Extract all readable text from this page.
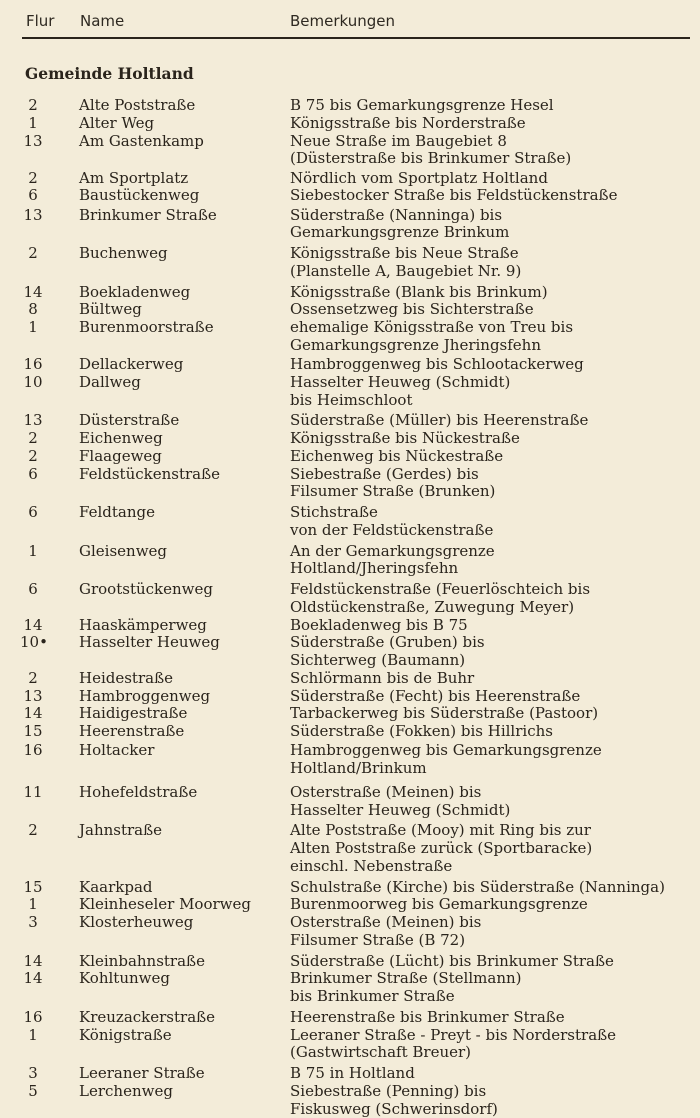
Flur Name	Bemerkungen
Gemeinde Holtland
2	Alte Poststraße	B 75 bis Gemarkungsgrenze Hesel
1	Alter Weg	Königsstraße bis Norderstraße
13 Am Gastenkamp	Neue Straße im Baugebiet 8
(Düsterstraße bis Brinkumer Straße)
2	Am Sportplatz	Nördlich vom Sportplatz Holtland
6	Baustückenweg	Siebestocker Straße bis Feldstückenstraße
13 Brinkumer Straße	Süderstraße (Nanninga) bis
Gemarkungsgrenze Brinkum
2	Buchenweg	Königsstraße bis Neue Straße
(Planstelle A, Baugebiet Nr. 9)
14 Boekladenweg	Königsstraße (Blank bis Brinkum)
8	Bültweg	Ossensetzweg bis Sichterstraße
1	Burenmoorstraße	ehemalige Königsstraße von Treu bis
Gemarkungsgrenze Jheringsfehn
16 Dellackerweg	Hambroggenweg bis Schlootackerweg
10 Dallweg	Hasselter Heuweg (Schmidt)
bis Heimschloot
13 Düsterstraße	Süderstraße (Müller) bis Heerenstraße
2	Eichenweg	Königsstraße bis Nückestraße
2	Flaageweg	Eichenweg bis Nückestraße
6	Feldstückenstraße	Siebestraße (Gerdes) bis
Filsumer Straße (Brunken)
6	Feldtange	Stichstraße
von der Feldstückenstraße
1	Gleisenweg	An der Gemarkungsgrenze
Holtland/Jheringsfehn
6	Grootstückenweg	Feldstückenstraße (Feuerlöschteich bis
Oldstückenstraße, Zuwegung Meyer)
14 Haaskämperweg	Boekladenweg bis B 75
10• Hasselter Heuweg	Süderstraße (Gruben) bis
Sichterweg (Baumann)
2	Heidestraße	Schlörmann bis de Buhr
13 Hambroggenweg	Süderstraße (Fecht) bis Heerenstraße
14 Haidigestraße	Tarbackerweg bis Süderstraße (Pastoor)
15 Heerenstraße	Süderstraße (Fokken) bis Hillrichs
16 Holtacker	Hambroggenweg bis Gemarkungsgrenze
Holtland/Brinkum
11 Hohefeldstraße	Osterstraße (Meinen) bis
Hasselter Heuweg (Schmidt)
2	Jahnstraße	Alte Poststraße (Mooy) mit Ring bis zur
Alten Poststraße zurück (Sportbaracke)
einschl. Nebenstraße
15 Kaarkpad	Schulstraße (Kirche) bis Süderstraße (Nanninga)
1	Kleinheseler Moorweg	Burenmoorweg bis Gemarkungsgrenze
3	Klosterheuweg	Osterstraße (Meinen) bis
Filsumer Straße (B 72)
14 Kleinbahnstraße	Süderstraße (Lücht) bis Brinkumer Straße
14 Kohltunweg	Brinkumer Straße (Stellmann)
bis Brinkumer Straße
16 Kreuzackerstraße	Heerenstraße bis Brinkumer Straße
1	Königstraße	Leeraner Straße - Preyt - bis Norderstraße
(Gastwirtschaft Breuer)
3	Leeraner Straße	B 75 in Holtland
5	Lerchenweg	Siebestraße (Penning) bis
Fiskusweg (Schwerinsdorf)
